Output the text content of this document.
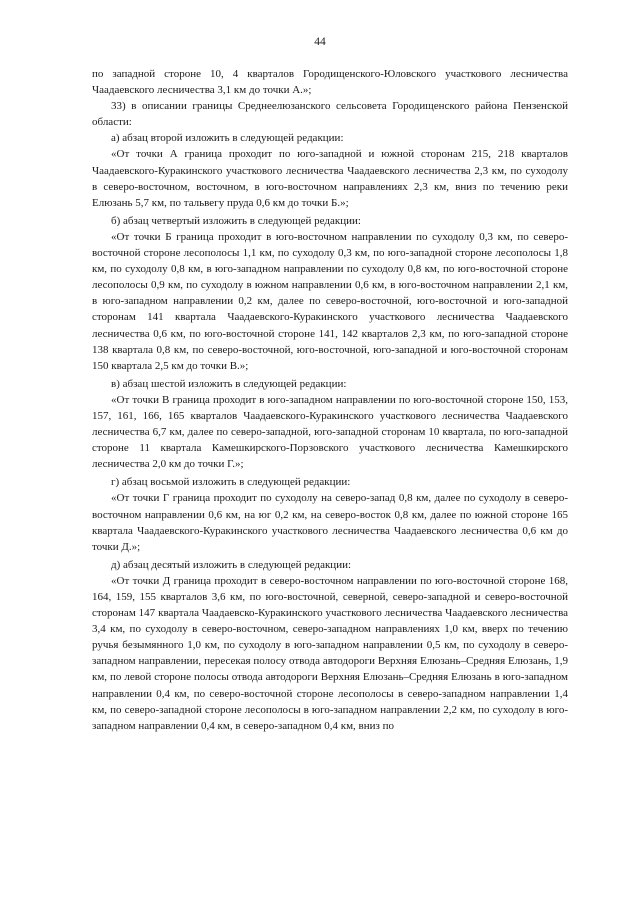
44

по западной стороне 10, 4 кварталов Городищенского-Юловского участкового лесничества Чаадаевского лесничества 3,1 км до точки А.»;

33) в описании границы Среднеелюзанского сельсовета Городищенского района Пензенской области:

а) абзац второй изложить в следующей редакции:

«От точки А граница проходит по юго-западной и южной сторонам 215, 218 кварталов Чаадаевского-Куракинского участкового лесничества Чаадаевского лесничества 2,3 км, по суходолу в северо-восточном, восточном, в юго-восточном направлениях 2,3 км, вниз по течению реки Елюзань 5,7 км, по тальвегу пруда 0,6 км до точки Б.»;

б) абзац четвертый изложить в следующей редакции:

«От точки Б граница проходит в юго-восточном направлении по суходолу 0,3 км, по северо-восточной стороне лесополосы 1,1 км, по суходолу 0,3 км, по юго-западной стороне лесополосы 1,8 км, по суходолу 0,8 км, в юго-западном направлении по суходолу 0,8 км, по юго-восточной стороне лесополосы 0,9 км, по суходолу в южном направлении 0,6 км, в юго-восточном направлении 2,1 км, в юго-западном направлении 0,2 км, далее по северо-восточной, юго-восточной и юго-западной сторонам 141 квартала Чаадаевского-Куракинского участкового лесничества Чаадаевского лесничества 0,6 км, по юго-восточной стороне 141, 142 кварталов 2,3 км, по юго-западной стороне 138 квартала 0,8 км, по северо-восточной, юго-восточной, юго-западной и юго-восточной сторонам 150 квартала 2,5 км до точки В.»;

в) абзац шестой изложить в следующей редакции:

«От точки В граница проходит в юго-западном направлении по юго-восточной стороне 150, 153, 157, 161, 166, 165 кварталов Чаадаевского-Куракинского участкового лесничества Чаадаевского лесничества 6,7 км, далее по северо-западной, юго-западной сторонам 10 квартала, по юго-западной стороне 11 квартала Камешкирского-Порзовского участкового лесничества Камешкирского лесничества 2,0 км до точки Г.»;

г) абзац восьмой изложить в следующей редакции:

«От точки Г граница проходит по суходолу на северо-запад 0,8 км, далее по суходолу в северо-восточном направлении 0,6 км, на юг 0,2 км, на северо-восток 0,8 км, далее по южной стороне 165 квартала Чаадаевского-Куракинского участкового лесничества Чаадаевского лесничества 0,6 км до точки Д.»;

д) абзац десятый изложить в следующей редакции:

«От точки Д граница проходит в северо-восточном направлении по юго-восточной стороне 168, 164, 159, 155 кварталов 3,6 км, по юго-восточной, северной, северо-западной и северо-восточной сторонам 147 квартала Чаадаевско-Куракинского участкового лесничества Чаадаевского лесничества 3,4 км, по суходолу в северо-восточном, северо-западном направлениях 1,0 км, вверх по течению ручья безымянного 1,0 км, по суходолу в юго-западном направлении 0,5 км, по суходолу в северо-западном направлении, пересекая полосу отвода автодороги Верхняя Елюзань–Средняя Елюзань, 1,9 км, по левой стороне полосы отвода автодороги Верхняя Елюзань–Средняя Елюзань в юго-западном направлении 0,4 км, по северо-восточной стороне лесополосы в северо-западном направлении 1,4 км, по северо-западной стороне лесополосы в юго-западном направлении 2,2 км, по суходолу в юго-западном направлении 0,4 км, в северо-западном 0,4 км, вниз по
